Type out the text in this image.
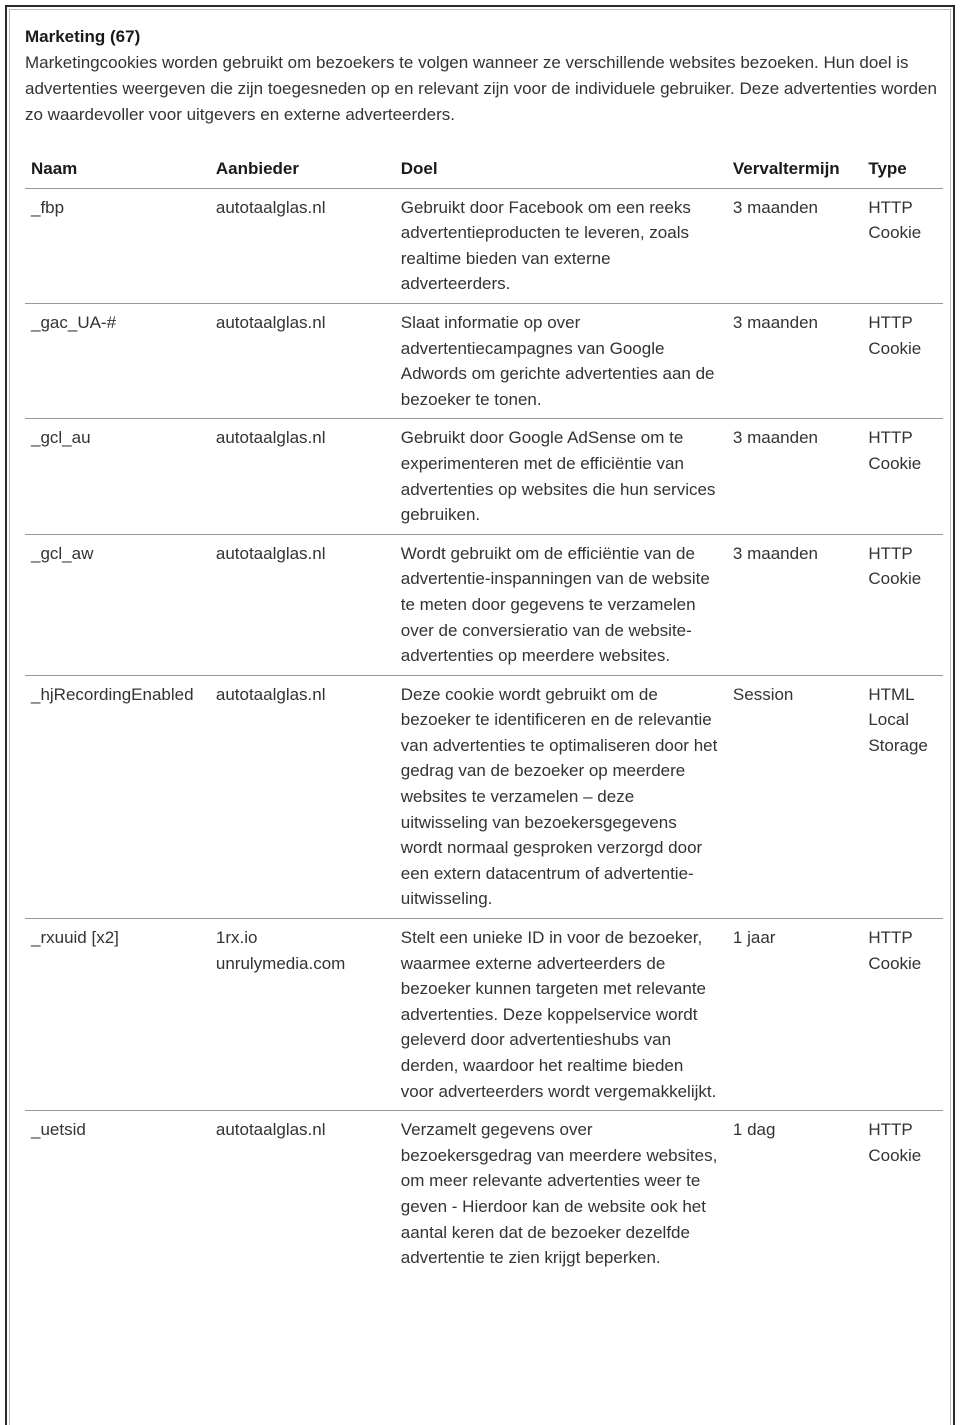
Marketing (67)

Marketingcookies worden gebruikt om bezoekers te volgen wanneer ze verschillende websites bezoeken. Hun doel is advertenties weergeven die zijn toegesneden op en relevant zijn voor de individuele gebruiker. Deze advertenties worden zo waardevoller voor uitgevers en externe adverteerders.

Naam	Aanbieder	Doel	Vervaltermijn	Type
_fbp	autotaalglas.nl	Gebruikt door Facebook om een reeks advertentieproducten te leveren, zoals realtime bieden van externe adverteerders.	3 maanden	HTTP Cookie
_gac_UA-#	autotaalglas.nl	Slaat informatie op over advertentiecampagnes van Google Adwords om gerichte advertenties aan de bezoeker te tonen.	3 maanden	HTTP Cookie
_gcl_au	autotaalglas.nl	Gebruikt door Google AdSense om te experimenteren met de efficiëntie van advertenties op websites die hun services gebruiken.	3 maanden	HTTP Cookie
_gcl_aw	autotaalglas.nl	Wordt gebruikt om de efficiëntie van de advertentie-inspanningen van de website te meten door gegevens te verzamelen over de conversieratio van de website-advertenties op meerdere websites.	3 maanden	HTTP Cookie
_hjRecordingEnabled	autotaalglas.nl	Deze cookie wordt gebruikt om de bezoeker te identificeren en de relevantie van advertenties te optimaliseren door het gedrag van de bezoeker op meerdere websites te verzamelen – deze uitwisseling van bezoekersgegevens wordt normaal gesproken verzorgd door een extern datacentrum of advertentie-uitwisseling.	Session	HTML Local Storage
_rxuuid [x2]	1rx.io unrulymedia.com	Stelt een unieke ID in voor de bezoeker, waarmee externe adverteerders de bezoeker kunnen targeten met relevante advertenties. Deze koppelservice wordt geleverd door advertentieshubs van derden, waardoor het realtime bieden voor adverteerders wordt vergemakkelijkt.	1 jaar	HTTP Cookie
_uetsid	autotaalglas.nl	Verzamelt gegevens over bezoekersgedrag van meerdere websites, om meer relevante advertenties weer te geven - Hierdoor kan de website ook het aantal keren dat de bezoeker dezelfde advertentie te zien krijgt beperken.	1 dag	HTTP Cookie
